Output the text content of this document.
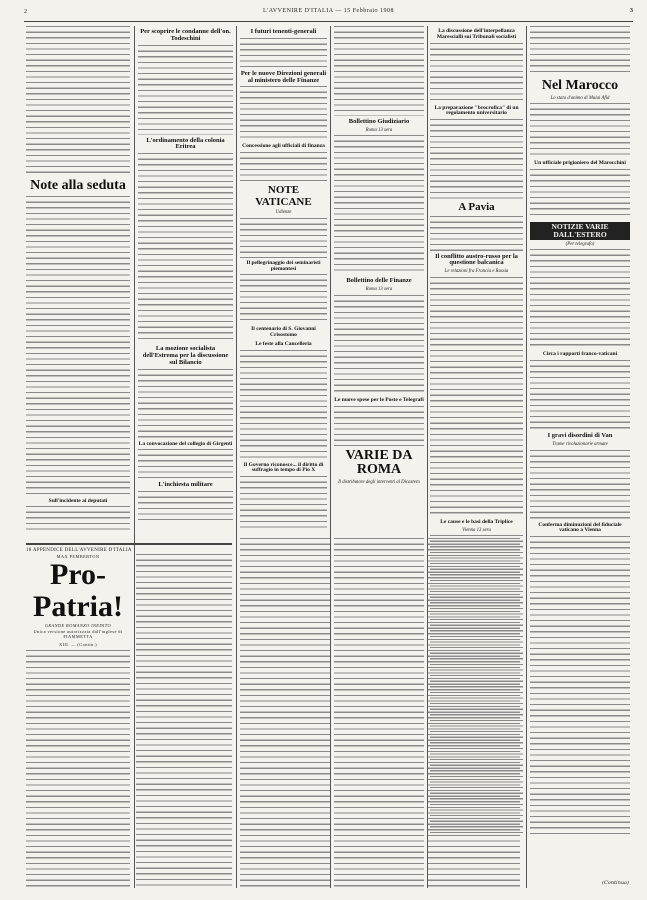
2	L'AVVENIRE D'ITALIA — 15 Febbraio 1908	3
Note alla seduta
Sull'incidente ai deputati
18 APPENDICE DELL'AVVENIRE D'ITALIA
MAX PEMBERTON
Pro-Patria!
GRANDE ROMANZO INEDITO
Unica versione autorizzata dall'inglese di FIAMMETTA
XIII. — (Contin.)
Per scoprire le condanne dell'on. Todeschini
L'ordinamento della colonia Eritrea
La mozione socialista dell'Estrema per la discussione sul Bilancio
La convocazione del collegio di Girgenti
L'inchiesta militare
I futuri tenenti-generali
Per le nuove Direzioni generali al ministero delle Finanze
Concessione agli ufficiali di finanza
NOTE VATICANE
Udienze
Il pellegrinaggio dei seminaristi piemontesi
Il centenario di S. Giovanni Crisostomo
Le feste alla Cancelleria
Il Governo riconosce... il diritto di suffragio in tempo di Pio X
Bollettino Giudiziario
Roma 13 sera
Bollettino delle Finanze
Roma 13 sera
Le nuove spese per le Poste e Telegrafi
VARIE DA ROMA
Il distributore degli interventi al Dicastero
La discussione dell'interpellanza Marescialli sui Tribunali socialisti
La preparazione "brocrofica" di un regolamento universitario
A Pavia
Il conflitto austro-russo per la questione balcanica
Le relazioni fra Francia e Russia
Le cause e le basi della Triplice
Vienna 13 sera
Nel Marocco
Lo stato d'animo di Mulai Afid
Un ufficiale prigioniero del Marocchini
NOTIZIE VARIE DALL'ESTERO
(Per telegrafo)
Circa i rapporti franco-vaticani
I gravi disordini di Van
Trame rivoluzionarie armate
Conferma diminuzioni del fiduciale vaticano a Vienna
(Continua)
